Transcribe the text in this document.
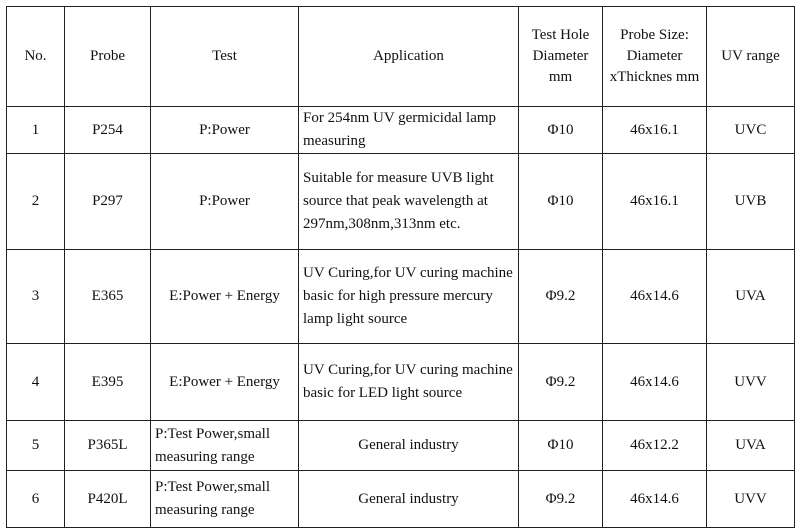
No.	Probe	Test	Application	Test Hole Diameter mm	Probe Size: Diameter xThicknes mm	UV range
1	P254	P:Power	For 254nm UV germicidal lamp measuring	Φ10	46x16.1	UVC
2	P297	P:Power	Suitable for measure UVB light source that peak wavelength at 297nm,308nm,313nm etc.	Φ10	46x16.1	UVB
3	E365	E:Power + Energy	UV Curing,for UV curing machine basic for high pressure mercury lamp light source	Φ9.2	46x14.6	UVA
4	E395	E:Power + Energy	UV Curing,for UV curing machine basic for LED light source	Φ9.2	46x14.6	UVV
5	P365L	P:Test Power,small measuring range	General industry	Φ10	46x12.2	UVA
6	P420L	P:Test Power,small measuring range	General industry	Φ9.2	46x14.6	UVV
